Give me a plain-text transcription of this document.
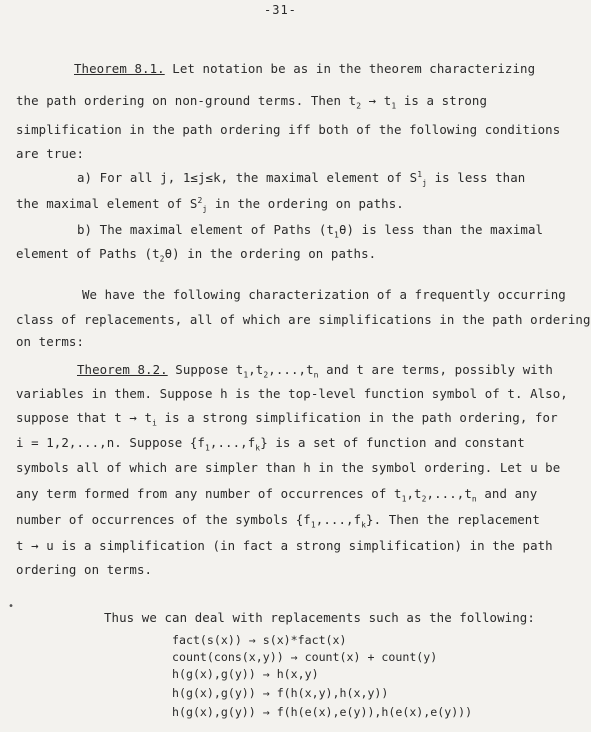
-31-
Theorem 8.1. Let notation be as in the theorem characterizing
the path ordering on non-ground terms. Then $t_2 \to t_1$ is a strong
simplification in the path ordering iff both of the following conditions
are true:
a) For all j, 1≤j≤k, the maximal element of $S^1_j$ is less than
the maximal element of $S^2_j$ in the ordering on paths.
b) The maximal element of Paths $(t_1\theta)$ is less than the maximal
element of Paths $(t_2\theta)$ in the ordering on paths.
We have the following characterization of a frequently occurring
class of replacements, all of which are simplifications in the path ordering
on terms:
Theorem 8.2. Suppose $t_1,t_2,...,t_n$ and t are terms, possibly with
variables in them. Suppose h is the top-level function symbol of t. Also,
suppose that $t \to t_i$ is a strong simplification in the path ordering, for
i = 1,2,...,n. Suppose $\{f_1,...,f_k\}$ is a set of function and constant
symbols all of which are simpler than h in the symbol ordering. Let u be
any term formed from any number of occurrences of $t_1,t_2,...,t_n$ and any
number of occurrences of the symbols $\{f_1,...,f_k\}$. Then the replacement
t → u is a simplification (in fact a strong simplification) in the path
ordering on terms.
•
Thus we can deal with replacements such as the following:
fact(s(x)) → s(x)*fact(x)
count(cons(x,y)) → count(x) + count(y)
h(g(x),g(y)) → h(x,y)
h(g(x),g(y)) → f(h(x,y),h(x,y))
h(g(x),g(y)) → f(h(e(x),e(y)),h(e(x),e(y)))
